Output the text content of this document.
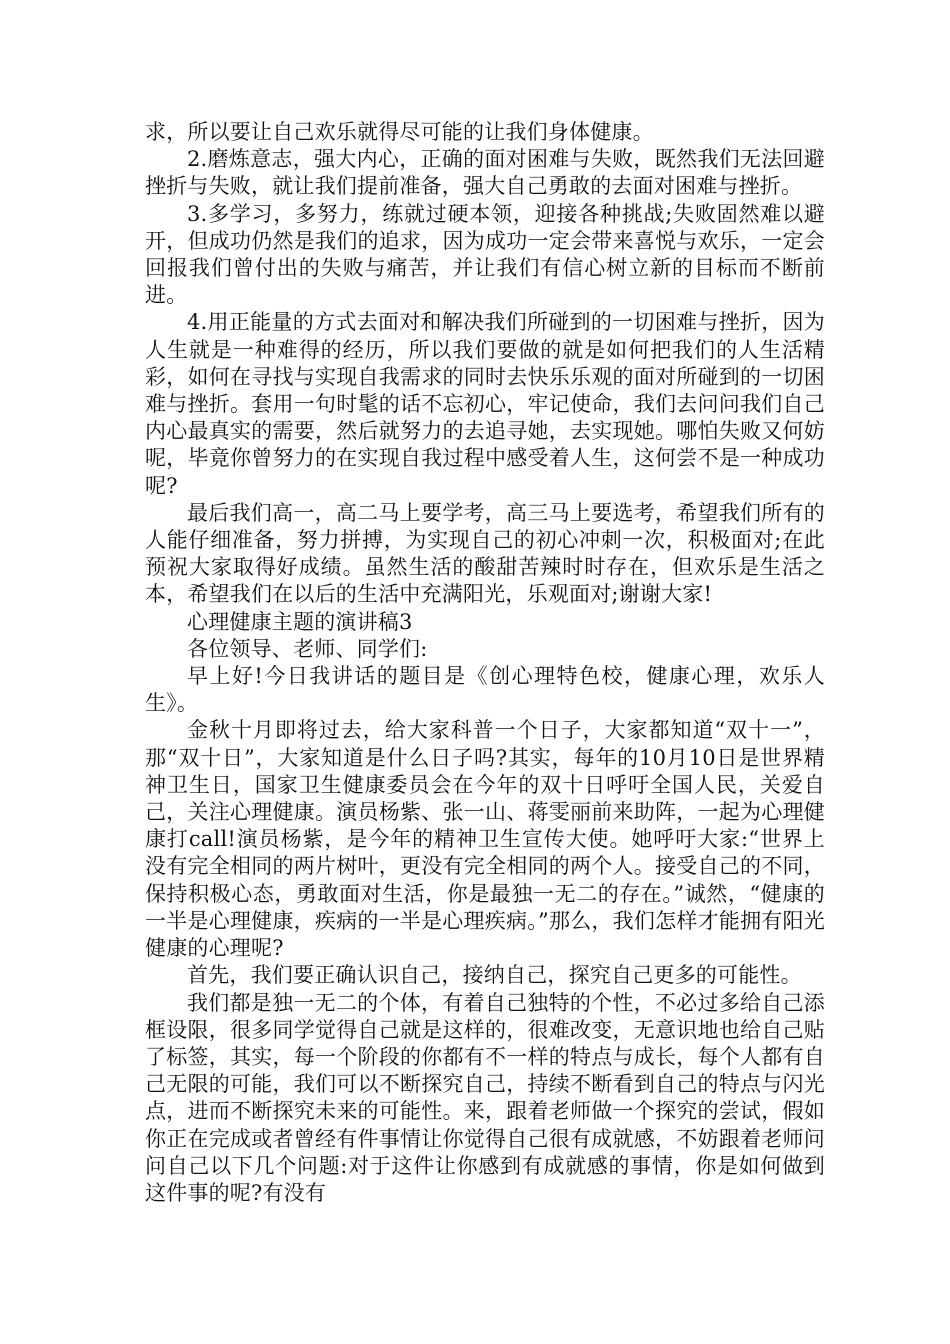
求，所以要让自己欢乐就得尽可能的让我们身体健康。

2.磨炼意志，强大内心，正确的面对困难与失败，既然我们无法回避挫折与失败，就让我们提前准备，强大自己勇敢的去面对困难与挫折。

3.多学习，多努力，练就过硬本领，迎接各种挑战;失败固然难以避开，但成功仍然是我们的追求，因为成功一定会带来喜悦与欢乐，一定会回报我们曾付出的失败与痛苦，并让我们有信心树立新的目标而不断前进。

4.用正能量的方式去面对和解决我们所碰到的一切困难与挫折，因为人生就是一种难得的经历，所以我们要做的就是如何把我们的人生活精彩，如何在寻找与实现自我需求的同时去快乐乐观的面对所碰到的一切困难与挫折。套用一句时髦的话不忘初心，牢记使命，我们去问问我们自己内心最真实的需要，然后就努力的去追寻她，去实现她。哪怕失败又何妨呢，毕竟你曾努力的在实现自我过程中感受着人生，这何尝不是一种成功呢?

最后我们高一，高二马上要学考，高三马上要选考，希望我们所有的人能仔细准备，努力拼搏，为实现自己的初心冲刺一次，积极面对;在此预祝大家取得好成绩。虽然生活的酸甜苦辣时时存在，但欢乐是生活之本，希望我们在以后的生活中充满阳光，乐观面对;谢谢大家!

心理健康主题的演讲稿3

各位领导、老师、同学们:

早上好!今日我讲话的题目是《创心理特色校，健康心理，欢乐人生》。

金秋十月即将过去，给大家科普一个日子，大家都知道“双十一”，那“双十日”，大家知道是什么日子吗?其实，每年的10月10日是世界精神卫生日，国家卫生健康委员会在今年的双十日呼吁全国人民，关爱自己，关注心理健康。演员杨紫、张一山、蒋雯丽前来助阵，一起为心理健康打call!演员杨紫，是今年的精神卫生宣传大使。她呼吁大家:“世界上没有完全相同的两片树叶，更没有完全相同的两个人。接受自己的不同，保持积极心态，勇敢面对生活，你是最独一无二的存在。”诚然，“健康的一半是心理健康，疾病的一半是心理疾病。”那么，我们怎样才能拥有阳光健康的心理呢?

首先，我们要正确认识自己，接纳自己，探究自己更多的可能性。

我们都是独一无二的个体，有着自己独特的个性，不必过多给自己添框设限，很多同学觉得自己就是这样的，很难改变，无意识地也给自己贴了标签，其实，每一个阶段的你都有不一样的特点与成长，每个人都有自己无限的可能，我们可以不断探究自己，持续不断看到自己的特点与闪光点，进而不断探究未来的可能性。来，跟着老师做一个探究的尝试，假如你正在完成或者曾经有件事情让你觉得自己很有成就感，不妨跟着老师问问自己以下几个问题:对于这件让你感到有成就感的事情，你是如何做到这件事的呢?有没有
